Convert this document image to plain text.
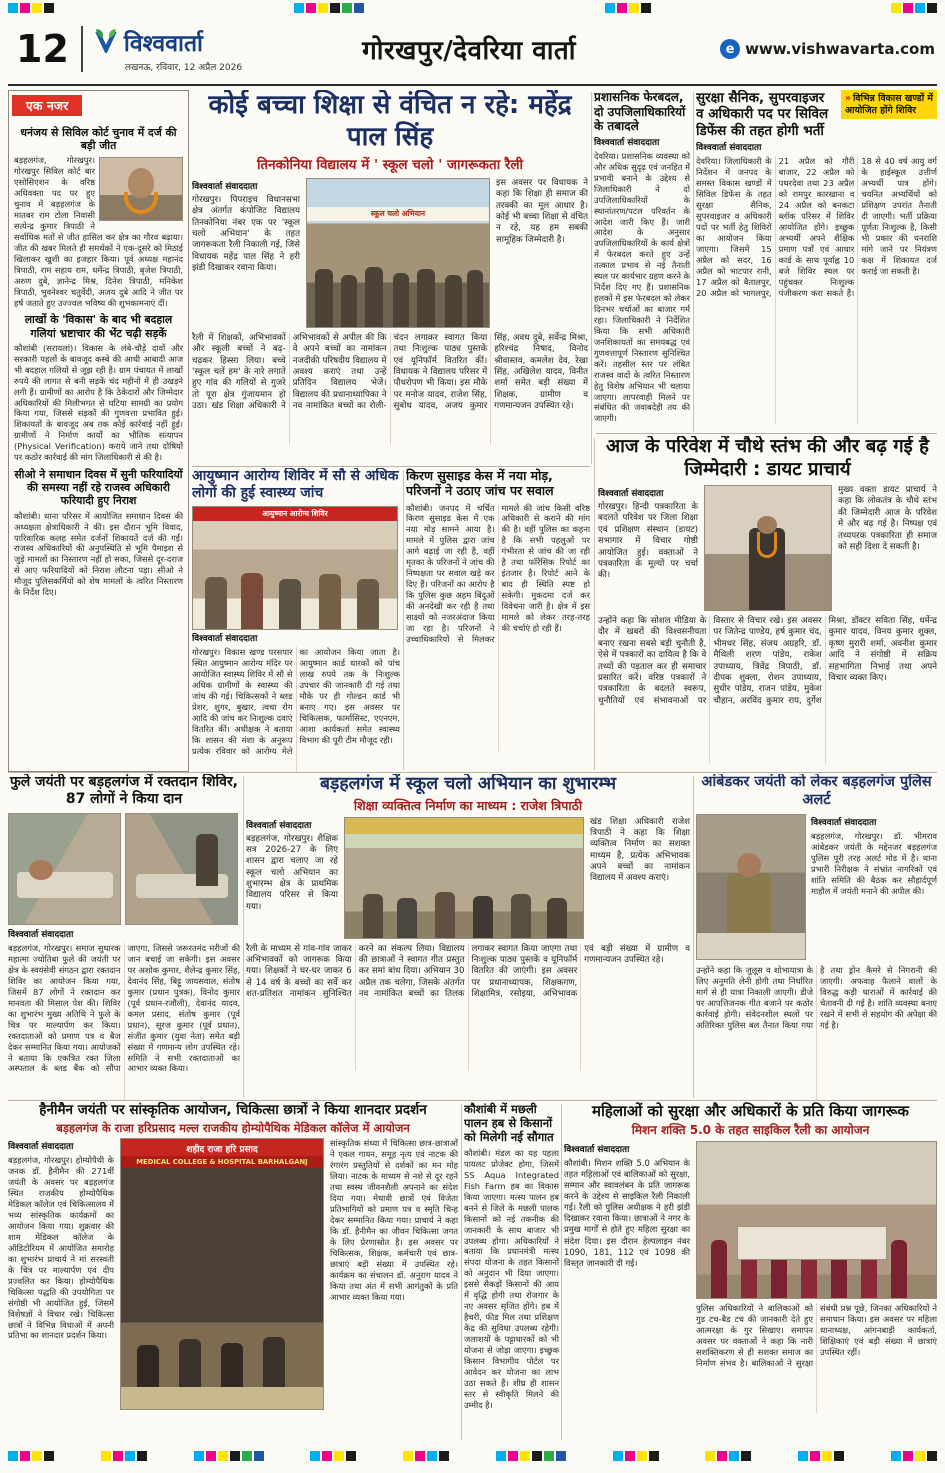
12	विश्ववार्ता
लखनऊ, रविवार, 12 अप्रैल 2026
गोरखपुर/देवरिया वार्ता	e www.vishwavarta.com
एक नजर
धनंजय से सिविल कोर्ट चुनाव में दर्ज की बड़ी जीत

बड़हलगंज, गोरखपुर। गोरखपुर सिविल कोर्ट बार एसोसिएशन के वरिष्ठ अधिवक्ता पद पर हुए चुनाव में बड़हलगंज के मातबर राम टोला निवासी सत्येन्द्र कुमार त्रिपाठी ने सर्वाधिक मतों से जीत हासिल कर क्षेत्र का गौरव बढ़ाया। जीत की खबर मिलते ही समर्थकों ने एक-दूसरे को मिठाई खिलाकर खुशी का इजहार किया। पूर्व अध्यक्ष महानंद त्रिपाठी, राम सहाय राम, धर्मेन्द्र त्रिपाठी, बृजेश त्रिपाठी, अरुण दुबे, ज्ञानेन्द्र मिश्र, दिनेश त्रिपाठी, मनिकेश त्रिपाठी, भुवनेश्वर चतुर्वेदी, अजय दुबे आदि ने जीत पर हर्ष जताते हुए उज्ज्वल भविष्य की शुभकामनाएं दीं।

लाखों के 'विकास' के बाद भी बदहाल गलियां भ्रष्टाचार की भेंट चढ़ी सड़कें

कौशांबी (सरायलां)। विकास के लंबे-चौड़े दावों और सरकारी पहलों के बावजूद कस्बे की आधी आबादी आज भी बदहाल गलियों से जूझ रही है। ग्राम पंचायत में लाखों रुपये की लागत से बनी सड़कें चंद महीनों में ही उखड़ने लगी हैं। ग्रामीणों का आरोप है कि ठेकेदारों और जिम्मेदार अधिकारियों की मिलीभगत से घटिया सामग्री का प्रयोग किया गया, जिससे सड़कों की गुणवत्ता प्रभावित हुई। शिकायतों के बावजूद अब तक कोई कार्रवाई नहीं हुई। ग्रामीणों ने निर्माण कार्यों का भौतिक सत्यापन (Physical Verification) कराये जाने तथा दोषियों पर कठोर कार्रवाई की मांग जिलाधिकारी से की है।

सीओ ने समाधान दिवस में सुनी फरियादियों की समस्या नहीं रहे राजस्व अधिकारी फरियादी हुए निराश

कौशांबी। थाना परिसर में आयोजित समाधान दिवस की अध्यक्षता क्षेत्राधिकारी ने की। इस दौरान भूमि विवाद, पारिवारिक कलह समेत दर्जनों शिकायतें दर्ज की गईं। राजस्व अधिकारियों की अनुपस्थिति से भूमि पैमाइश से जुड़े मामलों का निस्तारण नहीं हो सका, जिससे दूर-दराज से आए फरियादियों को निराश लौटना पड़ा। सीओ ने मौजूद पुलिसकर्मियों को शेष मामलों के त्वरित निस्तारण के निर्देश दिए।

कोई बच्चा शिक्षा से वंचित न रहे: महेंद्र पाल सिंह
तिनकोनिया विद्यालय में ' स्कूल चलो ' जागरूकता रैली
विश्ववार्ता संवाददाता

गोरखपुर। पिपराइच विधानसभा क्षेत्र अंतर्गत कंपोजिट विद्यालय तिनकोनिया नंबर एक पर 'स्कूल चलो अभियान' के तहत जागरूकता रैली निकाली गई, जिसे विधायक महेंद्र पाल सिंह ने हरी झंडी दिखाकर रवाना किया।

स्कूल चलो अभियान

इस अवसर पर विधायक ने कहा कि शिक्षा ही समाज की तरक्की का मूल आधार है। कोई भी बच्चा शिक्षा से वंचित न रहे, यह हम सबकी सामूहिक जिम्मेदारी है।

रैली में शिक्षकों, अभिभावकों और स्कूली बच्चों ने बढ़-चढ़कर हिस्सा लिया। बच्चे 'स्कूल चलें हम' के नारे लगाते हुए गांव की गलियों से गुजरे तो पूरा क्षेत्र गुंजायमान हो उठा। खंड शिक्षा अधिकारी ने अभिभावकों से अपील की कि वे अपने बच्चों का नामांकन नजदीकी परिषदीय विद्यालय में अवश्य कराएं तथा उन्हें प्रतिदिन विद्यालय भेजें। विद्यालय की प्रधानाध्यापिका ने नव नामांकित बच्चों का रोली-चंदन लगाकर स्वागत किया तथा निःशुल्क पाठ्य पुस्तकें एवं यूनिफॉर्म वितरित कीं। विधायक ने विद्यालय परिसर में पौधरोपण भी किया। इस मौके पर मनोज यादव, राजेश सिंह, सुबोध यादव, अजय कुमार सिंह, अवध दुबे, सर्वेन्द्र मिश्रा, हरिश्चंद्र निषाद, विनोद श्रीवास्तव, कमलेश देव, रेखा सिंह, अखिलेश यादव, विनीत शर्मा समेत बड़ी संख्या में शिक्षक, ग्रामीण व गणमान्यजन उपस्थित रहे।
प्रशासनिक फेरबदल, दो उपजिलाधिकारियों के तबादले
विश्ववार्ता संवाददाता

देवरिया। प्रशासनिक व्यवस्था को और अधिक सुदृढ़ एवं जनहित में प्रभावी बनाने के उद्देश्य से जिलाधिकारी ने दो उपजिलाधिकारियों के स्थानांतरण/पटल परिवर्तन के आदेश जारी किए हैं। जारी आदेश के अनुसार उपजिलाधिकारियों के कार्य क्षेत्रों में फेरबदल करते हुए उन्हें तत्काल प्रभाव से नई तैनाती स्थल पर कार्यभार ग्रहण करने के निर्देश दिए गए हैं। प्रशासनिक हलकों में इस फेरबदल को लेकर दिनभर चर्चाओं का बाजार गर्म रहा। जिलाधिकारी ने निर्देशित किया कि सभी अधिकारी जनशिकायतों का समयबद्ध एवं गुणवत्तापूर्ण निस्तारण सुनिश्चित करें। तहसील स्तर पर लंबित राजस्व वादों के त्वरित निस्तारण हेतु विशेष अभियान भी चलाया जाएगा। लापरवाही मिलने पर संबंधित की जवाबदेही तय की जाएगी।

सुरक्षा सैनिक, सुपरवाइजर व अधिकारी पद पर सिविल डिफेंस की तहत होगी भर्ती
» विभिन्न विकास खण्डों में आयोजित होंगे शिविर
विश्ववार्ता संवाददाता
देवरिया। जिलाधिकारी के निर्देशन में जनपद के समस्त विकास खण्डों में सिविल डिफेंस के तहत सुरक्षा सैनिक, सुपरवाइजर व अधिकारी पदों पर भर्ती हेतु शिविरों का आयोजन किया जाएगा। जिसमें 15 अप्रैल को सदर, 16 अप्रैल को भाटपार रानी, 17 अप्रैल को बैतालपुर, 20 अप्रैल को भागलपुर, 21 अप्रैल को गौरी बाजार, 22 अप्रैल को पथरदेवा तथा 23 अप्रैल को रामपुर कारखाना व 24 अप्रैल को बनकटा ब्लॉक परिसर में शिविर आयोजित होंगे। इच्छुक अभ्यर्थी अपने शैक्षिक प्रमाण पत्रों एवं आधार कार्ड के साथ पूर्वाह्न 10 बजे शिविर स्थल पर पहुंचकर निःशुल्क पंजीकरण करा सकते हैं। 18 से 40 वर्ष आयु वर्ग के हाईस्कूल उत्तीर्ण अभ्यर्थी पात्र होंगे। चयनित अभ्यर्थियों को प्रशिक्षण उपरांत तैनाती दी जाएगी। भर्ती प्रक्रिया पूर्णतः निःशुल्क है, किसी भी प्रकार की धनराशि मांगे जाने पर नियंत्रण कक्ष में शिकायत दर्ज कराई जा सकती है।
आयुष्मान आरोग्य शिविर में सौ से अधिक लोगों की हुई स्वास्थ्य जांच
आयुष्मान आरोग्य शिविर
विश्ववार्ता संवाददाता
गोरखपुर। विकास खण्ड परसपार स्थित आयुष्मान आरोग्य मंदिर पर आयोजित स्वास्थ्य शिविर में सौ से अधिक ग्रामीणों के स्वास्थ्य की जांच की गई। चिकित्सकों ने ब्लड प्रेशर, शुगर, बुखार, त्वचा रोग आदि की जांच कर निःशुल्क दवाएं वितरित कीं। अधीक्षक ने बताया कि शासन की मंशा के अनुरूप प्रत्येक रविवार को आरोग्य मेले का आयोजन किया जाता है। आयुष्मान कार्ड धारकों को पांच लाख रुपये तक के निःशुल्क उपचार की जानकारी दी गई तथा मौके पर ही गोल्डन कार्ड भी बनाए गए। इस अवसर पर चिकित्सक, फार्मासिस्ट, एएनएम, आशा कार्यकर्ता समेत स्वास्थ्य विभाग की पूरी टीम मौजूद रही।
किरण सुसाइड केस में नया मोड़, परिजनों ने उठाए जांच पर सवाल
कौशांबी। जनपद में चर्चित किरण सुसाइड केस में एक नया मोड़ सामने आया है। मामले में पुलिस द्वारा जांच आगे बढ़ाई जा रही है, वहीं मृतका के परिजनों ने जांच की निष्पक्षता पर सवाल खड़े कर दिए हैं। परिजनों का आरोप है कि पुलिस कुछ अहम बिंदुओं की अनदेखी कर रही है तथा साक्ष्यों को नजरअंदाज किया जा रहा है। परिजनों ने उच्चाधिकारियों से मिलकर मामले की जांच किसी वरिष्ठ अधिकारी से कराने की मांग की है। वहीं पुलिस का कहना है कि सभी पहलुओं पर गंभीरता से जांच की जा रही है तथा फॉरेंसिक रिपोर्ट का इंतजार है। रिपोर्ट आने के बाद ही स्थिति स्पष्ट हो सकेगी। मुकदमा दर्ज कर विवेचना जारी है। क्षेत्र में इस मामले को लेकर तरह-तरह की चर्चाएं हो रही हैं।
आज के परिवेश में चौथे स्तंभ की और बढ़ गई है जिम्मेदारी : डायट प्राचार्य
विश्ववार्ता संवाददाता

गोरखपुर। हिन्दी पत्रकारिता के बदलते परिवेश पर जिला शिक्षा एवं प्रशिक्षण संस्थान (डायट) सभागार में विचार गोष्ठी आयोजित हुई। वक्ताओं ने पत्रकारिता के मूल्यों पर चर्चा की।

मुख्य वक्ता डायट प्राचार्य ने कहा कि लोकतंत्र के चौथे स्तंभ की जिम्मेदारी आज के परिवेश में और बढ़ गई है। निष्पक्ष एवं तथ्यपरक पत्रकारिता ही समाज को सही दिशा दे सकती है।

उन्होंने कहा कि सोशल मीडिया के दौर में खबरों की विश्वसनीयता बनाए रखना सबसे बड़ी चुनौती है, ऐसे में पत्रकारों का दायित्व है कि वे तथ्यों की पड़ताल कर ही समाचार प्रसारित करें। वरिष्ठ पत्रकारों ने पत्रकारिता के बदलते स्वरूप, चुनौतियों एवं संभावनाओं पर विस्तार से विचार रखे। इस अवसर पर जितेन्द्र पाण्डेय, हर्ष कुमार चंद, भीमधर सिंह, संजय अग्रहरि, डॉ. मैथिली शरण पांडेय, राकेश उपाध्याय, त्रिवेंद्र त्रिपाठी, डॉ. दीपक शुक्ला, रोशन उपाध्याय, सुधीर पांडेय, राजन पांडेय, मुकेश चौहान, अरविंद कुमार राय, दुर्गेश मिश्रा, डॉक्टर सविता सिंह, धर्मेन्द्र कुमार यादव, विनय कुमार शुक्ल, कृष्ण मुरारी शर्मा, अवनीश कुमार आदि ने संगोष्ठी में सक्रिय सहभागिता निभाई तथा अपने विचार व्यक्त किए।
फुले जयंती पर बड़हलगंज में रक्तदान शिविर, 87 लोगों ने किया दान
विश्ववार्ता संवाददाता
बड़हलगंज, गोरखपुर। समाज सुधारक महात्मा ज्योतिबा फुले की जयंती पर क्षेत्र के स्वयंसेवी संगठन द्वारा रक्तदान शिविर का आयोजन किया गया, जिसमें 87 लोगों ने रक्तदान कर मानवता की मिसाल पेश की। शिविर का शुभारंभ मुख्य अतिथि ने फुले के चित्र पर माल्यार्पण कर किया। रक्तदाताओं को प्रमाण पत्र व बैज देकर सम्मानित किया गया। आयोजकों ने बताया कि एकत्रित रक्त जिला अस्पताल के ब्लड बैंक को सौंपा जाएगा, जिससे जरूरतमंद मरीजों की जान बचाई जा सकेगी। इस अवसर पर अशोक कुमार, शैलेन्द्र कुमार सिंह, देवानंद सिंह, बिट्टू जायसवाल, संतोष कुमार (प्रधान पुत्रक), विनोद कुमार (पूर्व प्रधान-रजौली), देवानंद यादव, कमल प्रसाद, संतोष कुमार (पूर्व प्रधान), सूरज कुमार (पूर्व प्रधान), संजीत कुमार (युवा नेता) समेत बड़ी संख्या में गणमान्य लोग उपस्थित रहे। समिति ने सभी रक्तदाताओं का आभार व्यक्त किया।
बड़हलगंज में स्कूल चलो अभियान का शुभारम्भ
शिक्षा व्यक्तित्व निर्माण का माध्यम : राजेश त्रिपाठी
विश्ववार्ता संवाददाता

बड़हलगंज, गोरखपुर। शैक्षिक सत्र 2026-27 के लिए शासन द्वारा चलाए जा रहे स्कूल चलो अभियान का शुभारम्भ क्षेत्र के प्राथमिक विद्यालय परिसर से किया गया।

खंड शिक्षा अधिकारी राजेश त्रिपाठी ने कहा कि शिक्षा व्यक्तित्व निर्माण का सशक्त माध्यम है, प्रत्येक अभिभावक अपने बच्चों का नामांकन विद्यालय में अवश्य कराएं।

रैली के माध्यम से गांव-गांव जाकर अभिभावकों को जागरूक किया गया। शिक्षकों ने घर-घर जाकर 6 से 14 वर्ष के बच्चों का सर्वे कर शत-प्रतिशत नामांकन सुनिश्चित करने का संकल्प लिया। विद्यालय की छात्राओं ने स्वागत गीत प्रस्तुत कर समां बांध दिया। अभियान 30 अप्रैल तक चलेगा, जिसके अंतर्गत नव नामांकित बच्चों का तिलक लगाकर स्वागत किया जाएगा तथा निःशुल्क पाठ्य पुस्तकें व यूनिफॉर्म वितरित की जाएंगी। इस अवसर पर प्रधानाध्यापक, शिक्षकगण, शिक्षामित्र, रसोइया, अभिभावक एवं बड़ी संख्या में ग्रामीण व गणमान्यजन उपस्थित रहे।
आंबेडकर जयंती को लेकर बड़हलगंज पुलिस अलर्ट
विश्ववार्ता संवाददाता

बड़हलगंज, गोरखपुर। डॉ. भीमराव आंबेडकर जयंती के मद्देनजर बड़हलगंज पुलिस पूरी तरह अलर्ट मोड में है। थाना प्रभारी निरीक्षक ने संभ्रांत नागरिकों एवं शांति समिति की बैठक कर सौहार्दपूर्ण माहौल में जयंती मनाने की अपील की।

उन्होंने कहा कि जुलूस व शोभायात्रा के लिए अनुमति लेनी होगी तथा निर्धारित मार्ग से ही यात्रा निकाली जाएगी। डीजे पर आपत्तिजनक गीत बजाने पर कठोर कार्रवाई होगी। संवेदनशील स्थलों पर अतिरिक्त पुलिस बल तैनात किया गया है तथा ड्रोन कैमरे से निगरानी की जाएगी। अफवाह फैलाने वालों के विरुद्ध कड़ी धाराओं में कार्रवाई की चेतावनी दी गई है। शांति व्यवस्था बनाए रखने में सभी से सहयोग की अपेक्षा की गई है।
हैनीमैन जयंती पर सांस्कृतिक आयोजन, चिकित्सा छात्रों ने किया शानदार प्रदर्शन
बड़हलगंज के राजा हरिप्रसाद मल्ल राजकीय होम्योपैथिक मेडिकल कॉलेज में आयोजन
विश्ववार्ता संवाददाता

बड़हलगंज, गोरखपुर। होम्योपैथी के जनक डॉ. हैनीमैन की 271वीं जयंती के अवसर पर बड़हलगंज स्थित राजकीय होम्योपैथिक मेडिकल कॉलेज एवं चिकित्सालय में भव्य सांस्कृतिक कार्यक्रमों का आयोजन किया गया। शुक्रवार की शाम मेडिकल कॉलेज के ऑडिटोरियम में आयोजित समारोह का शुभारंभ प्राचार्य ने मां सरस्वती के चित्र पर माल्यार्पण एवं दीप प्रज्वलित कर किया। होम्योपैथिक चिकित्सा पद्धति की उपयोगिता पर संगोष्ठी भी आयोजित हुई, जिसमें विशेषज्ञों ने विचार रखे। चिकित्सा छात्रों ने विभिन्न विधाओं में अपनी प्रतिभा का शानदार प्रदर्शन किया।

शहीद राजा हरि प्रसाद
MEDICAL COLLEGE & HOSPITAL BARHALGANJ

सांस्कृतिक संध्या में चिकित्सा छात्र-छात्राओं ने एकल गायन, समूह नृत्य एवं नाटक की रंगारंग प्रस्तुतियों से दर्शकों का मन मोह लिया। नाटक के माध्यम से नशे से दूर रहने तथा स्वस्थ जीवनशैली अपनाने का संदेश दिया गया। मेधावी छात्रों एवं विजेता प्रतिभागियों को प्रमाण पत्र व स्मृति चिन्ह देकर सम्मानित किया गया। प्राचार्य ने कहा कि डॉ. हैनीमैन का जीवन चिकित्सा जगत के लिए प्रेरणास्रोत है। इस अवसर पर चिकित्सक, शिक्षक, कर्मचारी एवं छात्र-छात्राएं बड़ी संख्या में उपस्थित रहे। कार्यक्रम का संचालन डॉ. अनुराग यादव ने किया तथा अंत में सभी आगंतुकों के प्रति आभार व्यक्त किया गया।

कौशांबी में मछली पालन हब से किसानों को मिलेगी नई सौगात

कौशांबी। मंडल का यह पहला पायलट प्रोजेक्ट होगा, जिसमें SS Aqua Integrated Fish Farm हब का विकास किया जाएगा। मत्स्य पालन हब बनने से जिले के मछली पालक किसानों को नई तकनीक की जानकारी के साथ बाजार भी उपलब्ध होगा। अधिकारियों ने बताया कि प्रधानमंत्री मत्स्य संपदा योजना के तहत किसानों को अनुदान भी दिया जाएगा। इससे सैकड़ों किसानों की आय में वृद्धि होगी तथा रोजगार के नए अवसर सृजित होंगे। हब में हैचरी, फीड मिल तथा प्रशिक्षण केंद्र की सुविधा उपलब्ध रहेगी। जलाशयों के पट्टाधारकों को भी योजना से जोड़ा जाएगा। इच्छुक किसान विभागीय पोर्टल पर आवेदन कर योजना का लाभ उठा सकते हैं। शीघ्र ही शासन स्तर से स्वीकृति मिलने की उम्मीद है।

महिलाओं को सुरक्षा और अधिकारों के प्रति किया जागरूक
मिशन शक्ति 5.0 के तहत साइकिल रैली का आयोजन
विश्ववार्ता संवाददाता

कौशांबी। मिशन शक्ति 5.0 अभियान के तहत महिलाओं एवं बालिकाओं को सुरक्षा, सम्मान और स्वावलंबन के प्रति जागरूक करने के उद्देश्य से साइकिल रैली निकाली गई। रैली को पुलिस अधीक्षक ने हरी झंडी दिखाकर रवाना किया। छात्राओं ने नगर के प्रमुख मार्गों से होते हुए महिला सुरक्षा का संदेश दिया। इस दौरान हेल्पलाइन नंबर 1090, 181, 112 एवं 1098 की विस्तृत जानकारी दी गई।

पुलिस अधिकारियों ने बालिकाओं को गुड टच-बैड टच की जानकारी देते हुए आत्मरक्षा के गुर सिखाए। समापन अवसर पर वक्ताओं ने कहा कि नारी सशक्तिकरण से ही सशक्त समाज का निर्माण संभव है। बालिकाओं ने सुरक्षा संबंधी प्रश्न पूछे, जिनका अधिकारियों ने समाधान किया। इस अवसर पर महिला थानाध्यक्ष, आंगनबाड़ी कार्यकर्ता, शिक्षिकाएं एवं बड़ी संख्या में छात्राएं उपस्थित रहीं।
